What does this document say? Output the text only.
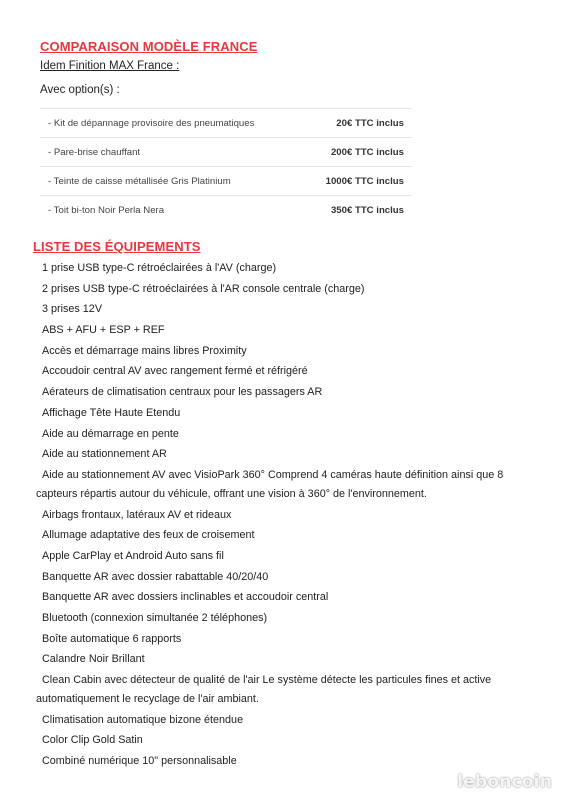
COMPARAISON MODÈLE FRANCE
Idem Finition MAX France :
Avec option(s) :
- Kit de dépannage provisoire des pneumatiques	20€ TTC inclus
- Pare-brise chauffant	200€ TTC inclus
- Teinte de caisse métallisée Gris Platinium	1000€ TTC inclus
- Toit bi-ton Noir Perla Nera	350€ TTC inclus
LISTE DES ÉQUIPEMENTS
1 prise USB type-C rétroéclairées à l'AV (charge)
2 prises USB type-C rétroéclairées à l'AR console centrale (charge)
3 prises 12V
ABS + AFU + ESP + REF
Accès et démarrage mains libres Proximity
Accoudoir central AV avec rangement fermé et réfrigéré
Aérateurs de climatisation centraux pour les passagers AR
Affichage Tête Haute Etendu
Aide au démarrage en pente
Aide au stationnement AR
Aide au stationnement AV avec VisioPark 360° Comprend 4 caméras haute définition ainsi que 8 capteurs répartis autour du véhicule, offrant une vision à 360° de l'environnement.
Airbags frontaux, latéraux AV et rideaux
Allumage adaptative des feux de croisement
Apple CarPlay et Android Auto sans fil
Banquette AR avec dossier rabattable 40/20/40
Banquette AR avec dossiers inclinables et accoudoir central
Bluetooth (connexion simultanée 2 téléphones)
Boîte automatique 6 rapports
Calandre Noir Brillant
Clean Cabin avec détecteur de qualité de l'air Le système détecte les particules fines et active automatiquement le recyclage de l'air ambiant.
Climatisation automatique bizone étendue
Color Clip Gold Satin
Combiné numérique 10" personnalisable
leboncoin
